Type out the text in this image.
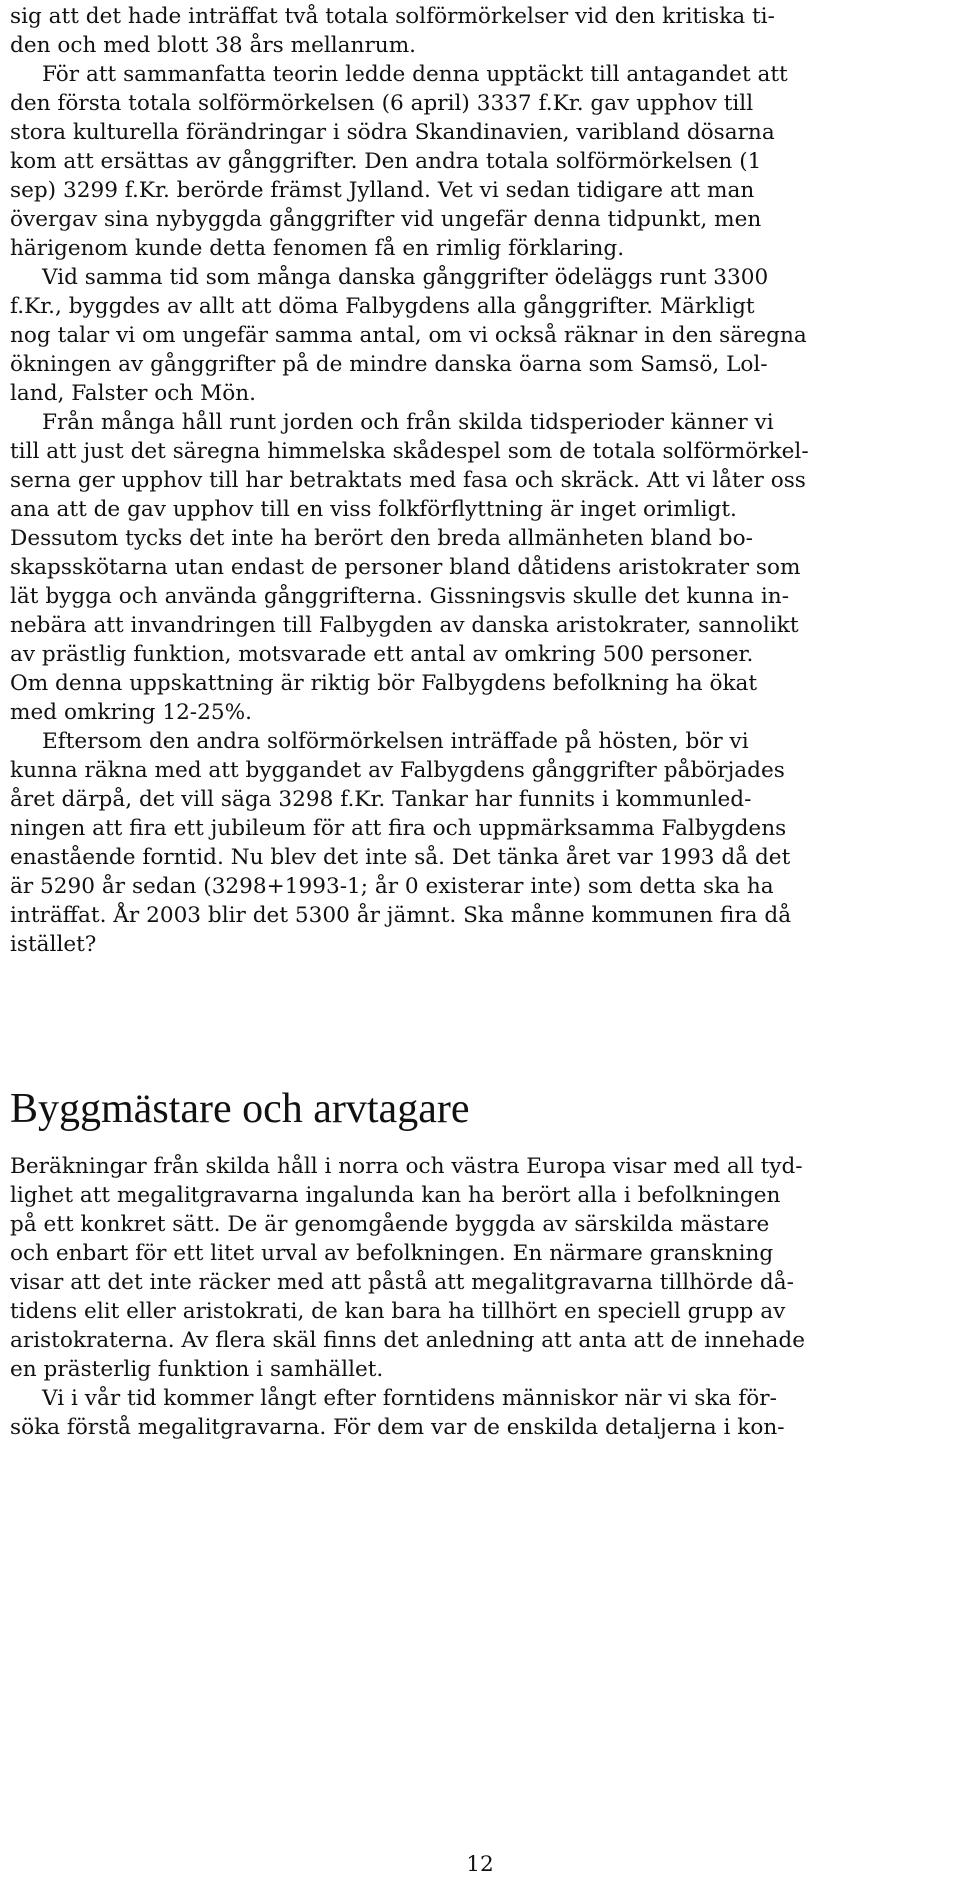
sig att det hade inträffat två totala solförmörkelser vid den kritiska ti-
den och med blott 38 års mellanrum.

För att sammanfatta teorin ledde denna upptäckt till antagandet att
den första totala solförmörkelsen (6 april) 3337 f.Kr. gav upphov till
stora kulturella förändringar i södra Skandinavien, varibland dösarna
kom att ersättas av gånggrifter. Den andra totala solförmörkelsen (1
sep) 3299 f.Kr. berörde främst Jylland. Vet vi sedan tidigare att man
övergav sina nybyggda gånggrifter vid ungefär denna tidpunkt, men
härigenom kunde detta fenomen få en rimlig förklaring.

Vid samma tid som många danska gånggrifter ödeläggs runt 3300
f.Kr., byggdes av allt att döma Falbygdens alla gånggrifter. Märkligt
nog talar vi om ungefär samma antal, om vi också räknar in den säregna
ökningen av gånggrifter på de mindre danska öarna som Samsö, Lol-
land, Falster och Mön.

Från många håll runt jorden och från skilda tidsperioder känner vi
till att just det säregna himmelska skådespel som de totala solförmörkel-
serna ger upphov till har betraktats med fasa och skräck. Att vi låter oss
ana att de gav upphov till en viss folkförflyttning är inget orimligt.
Dessutom tycks det inte ha berört den breda allmänheten bland bo-
skapsskötarna utan endast de personer bland dåtidens aristokrater som
lät bygga och använda gånggrifterna. Gissningsvis skulle det kunna in-
nebära att invandringen till Falbygden av danska aristokrater, sannolikt
av prästlig funktion, motsvarade ett antal av omkring 500 personer.
Om denna uppskattning är riktig bör Falbygdens befolkning ha ökat
med omkring 12-25%.

Eftersom den andra solförmörkelsen inträffade på hösten, bör vi
kunna räkna med att byggandet av Falbygdens gånggrifter påbörjades
året därpå, det vill säga 3298 f.Kr. Tankar har funnits i kommunled-
ningen att fira ett jubileum för att fira och uppmärksamma Falbygdens
enastående forntid. Nu blev det inte så. Det tänka året var 1993 då det
är 5290 år sedan (3298+1993-1; år 0 existerar inte) som detta ska ha
inträffat. År 2003 blir det 5300 år jämnt. Ska månne kommunen fira då
istället?

Byggmästare och arvtagare

Beräkningar från skilda håll i norra och västra Europa visar med all tyd-
lighet att megalitgravarna ingalunda kan ha berört alla i befolkningen
på ett konkret sätt. De är genomgående byggda av särskilda mästare
och enbart för ett litet urval av befolkningen. En närmare granskning
visar att det inte räcker med att påstå att megalitgravarna tillhörde då-
tidens elit eller aristokrati, de kan bara ha tillhört en speciell grupp av
aristokraterna. Av flera skäl finns det anledning att anta att de innehade
en prästerlig funktion i samhället.

Vi i vår tid kommer långt efter forntidens människor när vi ska för-
söka förstå megalitgravarna. För dem var de enskilda detaljerna i kon-

12
